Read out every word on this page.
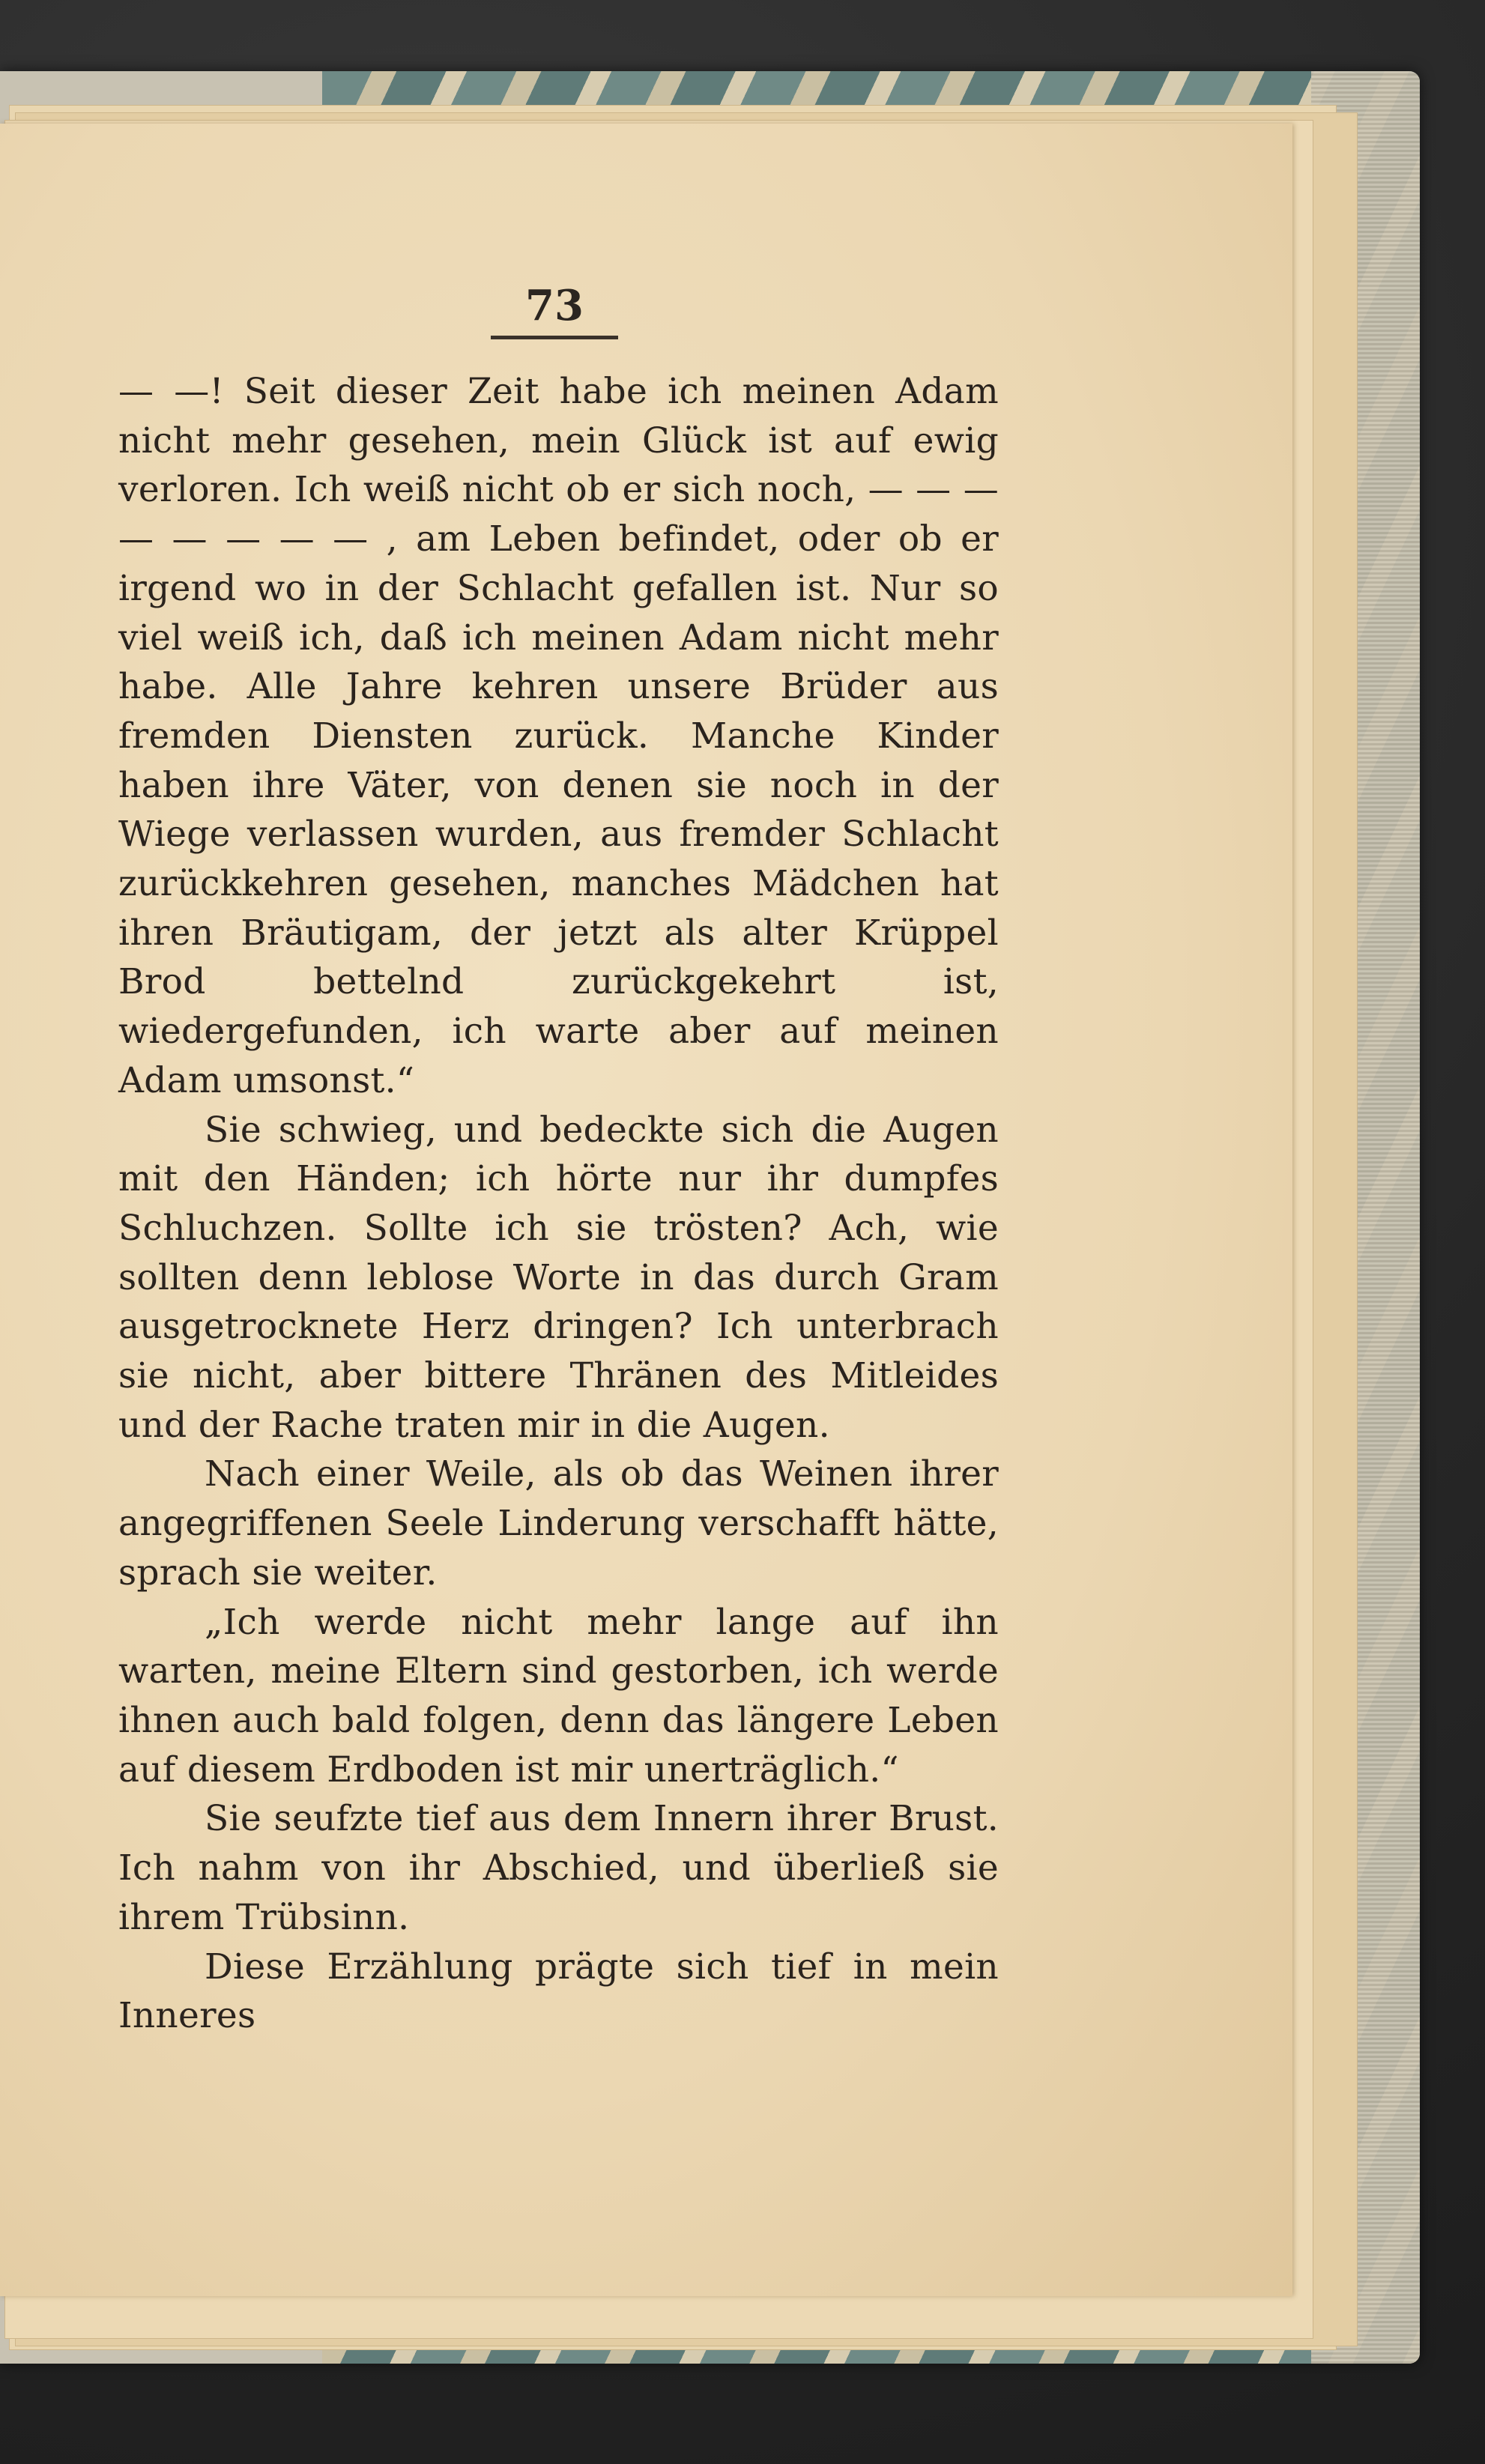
73

— —! Seit dieser Zeit habe ich meinen Adam nicht mehr gesehen, mein Glück ist auf ewig verloren. Ich weiß nicht ob er sich noch, — — — — — — — — , am Leben befindet, oder ob er irgend wo in der Schlacht gefallen ist. Nur so viel weiß ich, daß ich meinen Adam nicht mehr habe. Alle Jahre kehren unsere Brüder aus fremden Diensten zurück. Manche Kinder haben ihre Väter, von denen sie noch in der Wiege verlassen wurden, aus fremder Schlacht zurückkehren gesehen, manches Mädchen hat ihren Bräutigam, der jetzt als alter Krüppel Brod bettelnd zurückgekehrt ist, wiedergefunden, ich warte aber auf meinen Adam umsonst.“

Sie schwieg, und bedeckte sich die Augen mit den Händen; ich hörte nur ihr dumpfes Schluchzen. Sollte ich sie trösten? Ach, wie sollten denn leblose Worte in das durch Gram ausgetrocknete Herz dringen? Ich unterbrach sie nicht, aber bittere Thränen des Mitleides und der Rache traten mir in die Augen.

Nach einer Weile, als ob das Weinen ihrer angegriffenen Seele Linderung verschafft hätte, sprach sie weiter.

„Ich werde nicht mehr lange auf ihn warten, meine Eltern sind gestorben, ich werde ihnen auch bald folgen, denn das längere Leben auf diesem Erdboden ist mir unerträglich.“

Sie seufzte tief aus dem Innern ihrer Brust. Ich nahm von ihr Abschied, und überließ sie ihrem Trübsinn.

Diese Erzählung prägte sich tief in mein Inneres
